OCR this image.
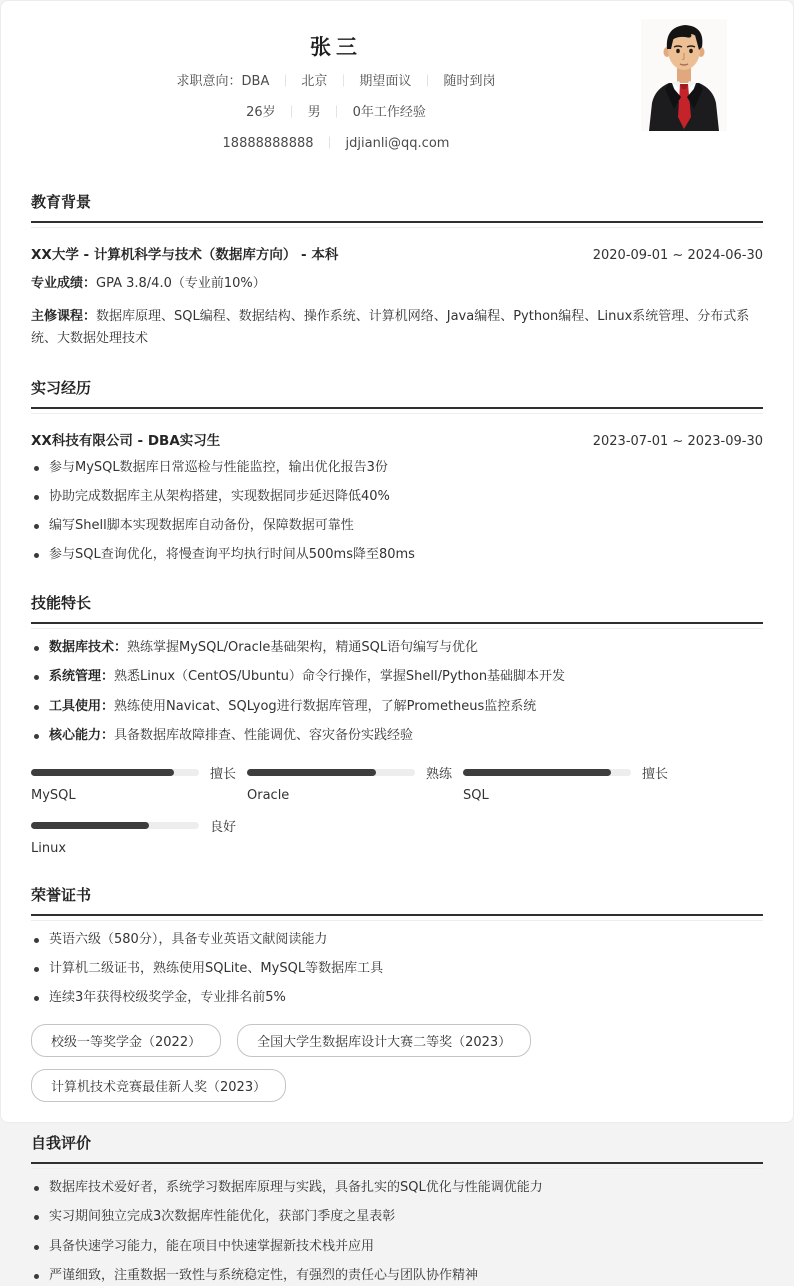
张三
求职意向：DBA ｜ 北京 ｜ 期望面议 ｜ 随时到岗
26岁 ｜ 男 ｜ 0年工作经验
18888888888 ｜ jdjianli@qq.com
教育背景
XX大学 - 计算机科学与技术（数据库方向） - 本科	2020-09-01 ~ 2024-06-30
专业成绩：GPA 3.8/4.0（专业前10%）
主修课程：数据库原理、SQL编程、数据结构、操作系统、计算机网络、Java编程、Python编程、Linux系统管理、分布式系统、大数据处理技术
实习经历
XX科技有限公司 - DBA实习生	2023-07-01 ~ 2023-09-30
参与MySQL数据库日常巡检与性能监控，输出优化报告3份
协助完成数据库主从架构搭建，实现数据同步延迟降低40%
编写Shell脚本实现数据库自动备份，保障数据可靠性
参与SQL查询优化，将慢查询平均执行时间从500ms降至80ms
技能特长
数据库技术：熟练掌握MySQL/Oracle基础架构，精通SQL语句编写与优化
系统管理：熟悉Linux（CentOS/Ubuntu）命令行操作，掌握Shell/Python基础脚本开发
工具使用：熟练使用Navicat、SQLyog进行数据库管理，了解Prometheus监控系统
核心能力：具备数据库故障排查、性能调优、容灾备份实践经验
擅长
MySQL
熟练
Oracle
擅长
SQL
良好
Linux
荣誉证书
英语六级（580分），具备专业英语文献阅读能力
计算机二级证书，熟练使用SQLite、MySQL等数据库工具
连续3年获得校级奖学金，专业排名前5%
校级一等奖学金（2022）	全国大学生数据库设计大赛二等奖（2023）
计算机技术竞赛最佳新人奖（2023）
自我评价
数据库技术爱好者，系统学习数据库原理与实践，具备扎实的SQL优化与性能调优能力
实习期间独立完成3次数据库性能优化，获部门季度之星表彰
具备快速学习能力，能在项目中快速掌握新技术栈并应用
严谨细致，注重数据一致性与系统稳定性，有强烈的责任心与团队协作精神
